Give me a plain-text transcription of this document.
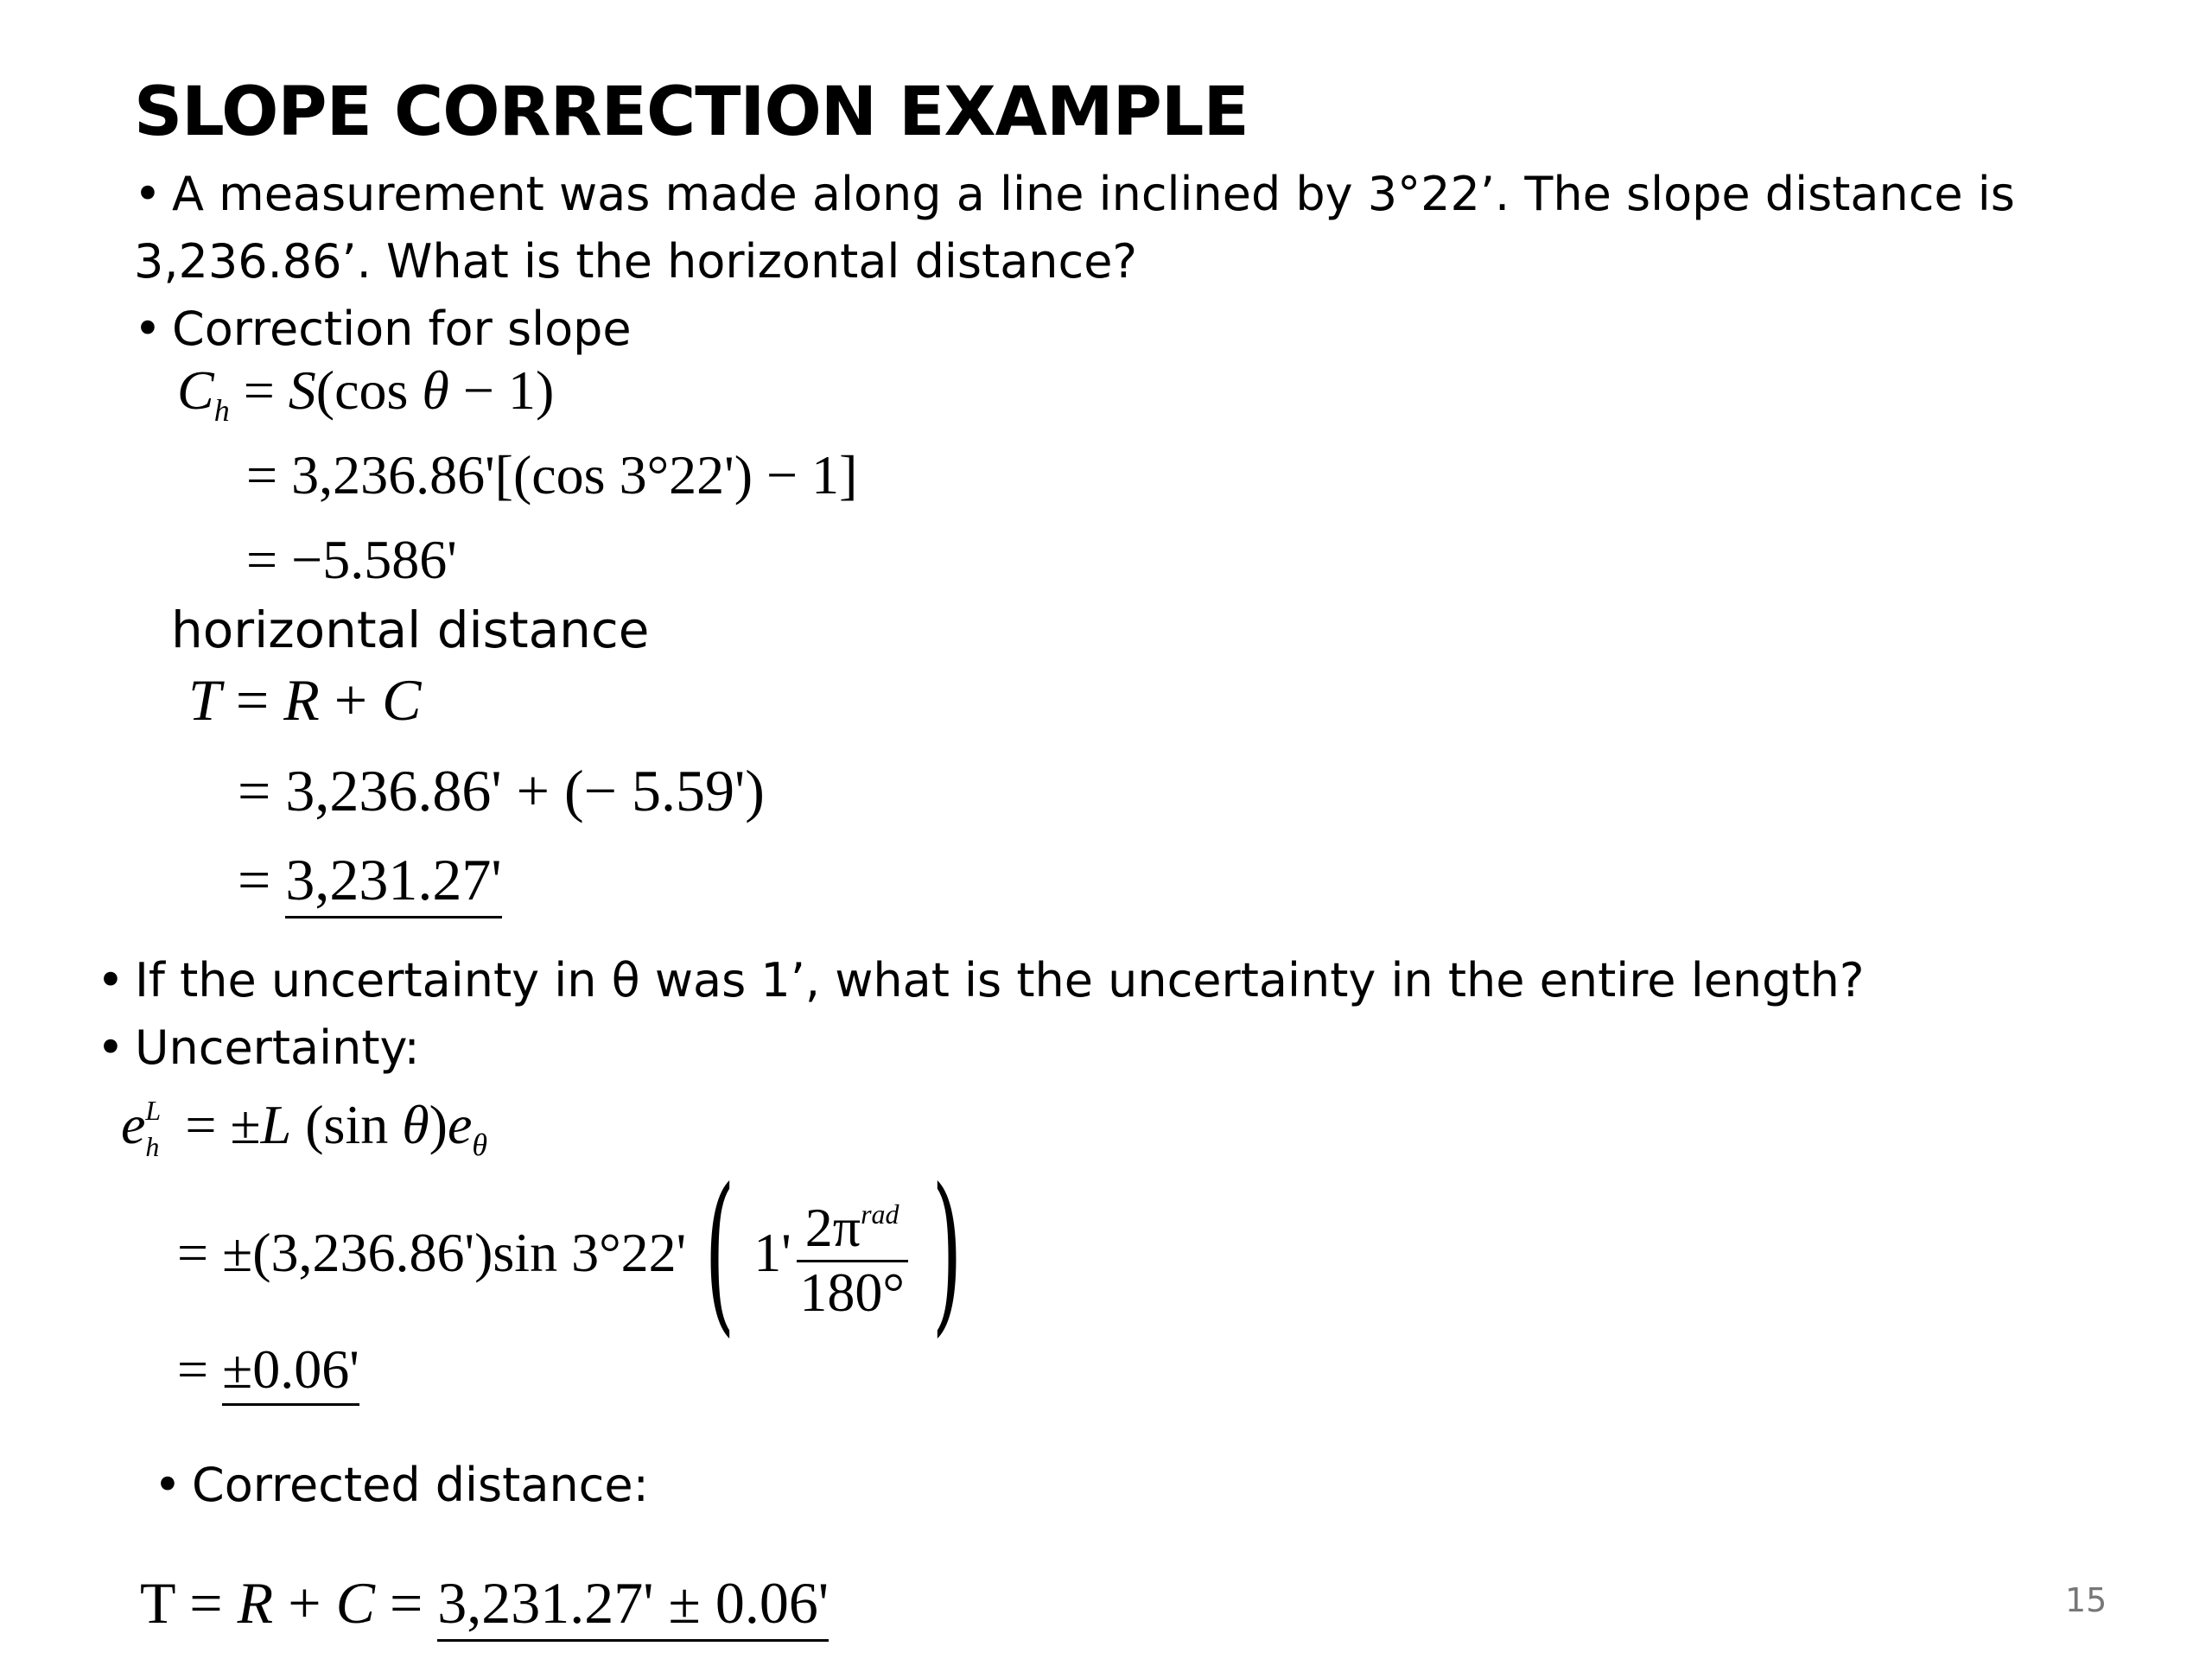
SLOPE CORRECTION EXAMPLE
• A measurement was made along a line inclined by 3°22’. The slope distance is
3,236.86’. What is the horizontal distance?
• Correction for slope
$C_h = S(\cos$ θ − 1)
= 3,236.86'[(cos 3°22') − 1]
= −5.586'
horizontal distance
T = R + C
= 3,236.86' + (− 5.59')
= 3,231.27'
• If the uncertainty in θ was 1’, what is the uncertainty in the entire length?
• Uncertainty:
e L
h = ±L (sin $\theta)e_\theta$
= ±(3,236.86')sin 3°22' ( $1' \frac{2\pi^{rad}}{180^\circ}$ )
= ±0.06'
• Corrected distance:
T = R + C = 3,231.27' ± 0.06'	15
